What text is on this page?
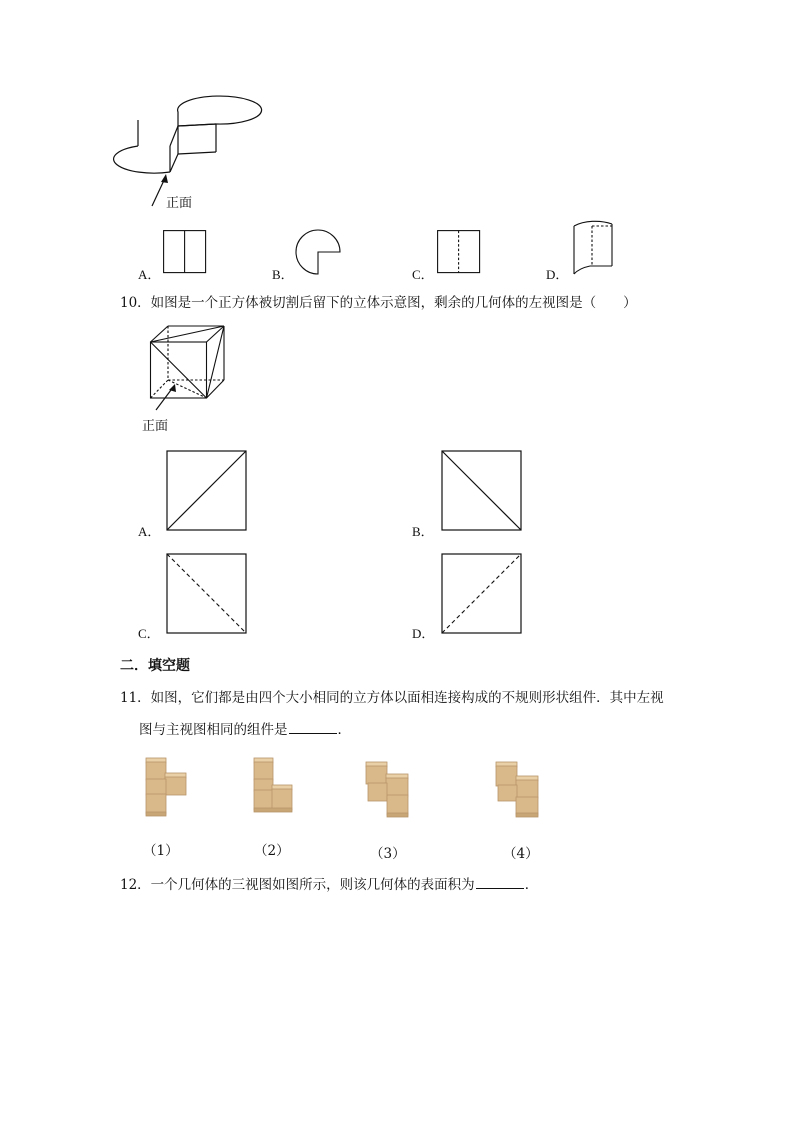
正面
A．	B．	C．	D．
10．如图是一个正方体被切割后留下的立体示意图，剩余的几何体的左视图是（　　）
正面
A．	B．
C．	D．
二．填空题
11．如图，它们都是由四个大小相同的立方体以面相连接构成的不规则形状组件．其中左视
图与主视图相同的组件是	．
（1）	（2）	（3）	（4）
12．一个几何体的三视图如图所示，则该几何体的表面积为	．
